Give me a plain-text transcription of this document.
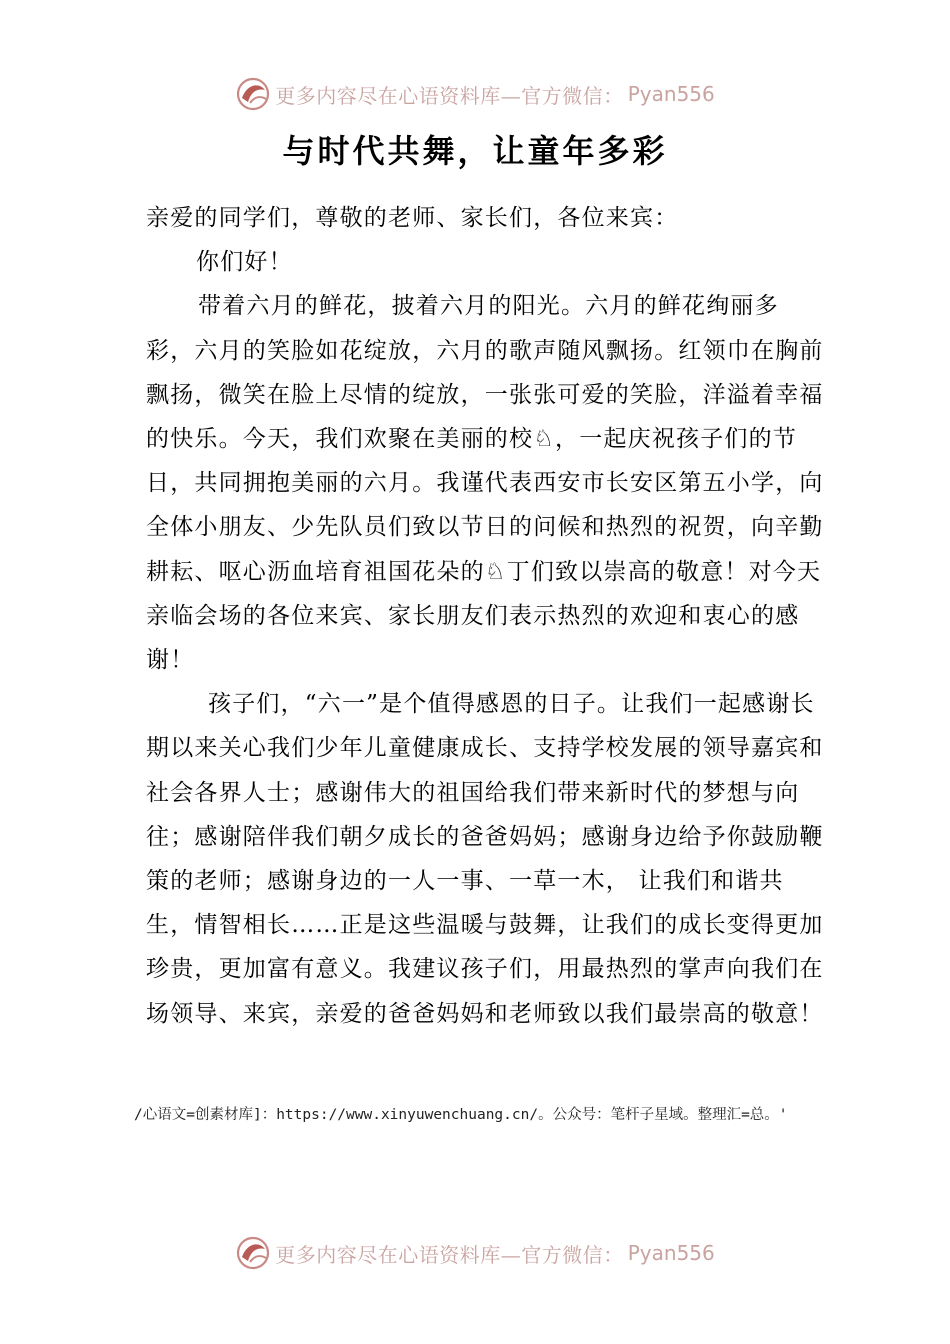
更多内容尽在心语资料库—官方微信： Pyan556
与时代共舞，让童年多彩

亲爱的同学们，尊敬的老师、家长们，各位来宾：

你们好！

带着六月的鲜花，披着六月的阳光。六月的鲜花绚丽多彩，六月的笑脸如花绽放，六月的歌声随风飘扬。红领巾在胸前飘扬，微笑在脸上尽情的绽放，一张张可爱的笑脸，洋溢着幸福的快乐。今天，我们欢聚在美丽的校♘，一起庆祝孩子们的节日，共同拥抱美丽的六月。我谨代表西安市长安区第五小学，向全体小朋友、少先队员们致以节日的问候和热烈的祝贺，向辛勤耕耘、呕心沥血培育祖国花朵的♘丁们致以崇高的敬意！对今天亲临会场的各位来宾、家长朋友们表示热烈的欢迎和衷心的感谢！

孩子们，“六一”是个值得感恩的日子。让我们一起感谢长期以来关心我们少年儿童健康成长、支持学校发展的领导嘉宾和社会各界人士；感谢伟大的祖国给我们带来新时代的梦想与向往；感谢陪伴我们朝夕成长的爸爸妈妈；感谢身边给予你鼓励鞭策的老师；感谢身边的一人一事、一草一木， 让我们和谐共生，情智相长……正是这些温暖与鼓舞，让我们的成长变得更加珍贵，更加富有意义。我建议孩子们，用最热烈的掌声向我们在场领导、来宾，亲爱的爸爸妈妈和老师致以我们最崇高的敬意！

/心语文=创素材库]：https://www.xinyuwenchuang.cn/。公众号：笔杆子星域。整理汇=总。'
更多内容尽在心语资料库—官方微信： Pyan556
